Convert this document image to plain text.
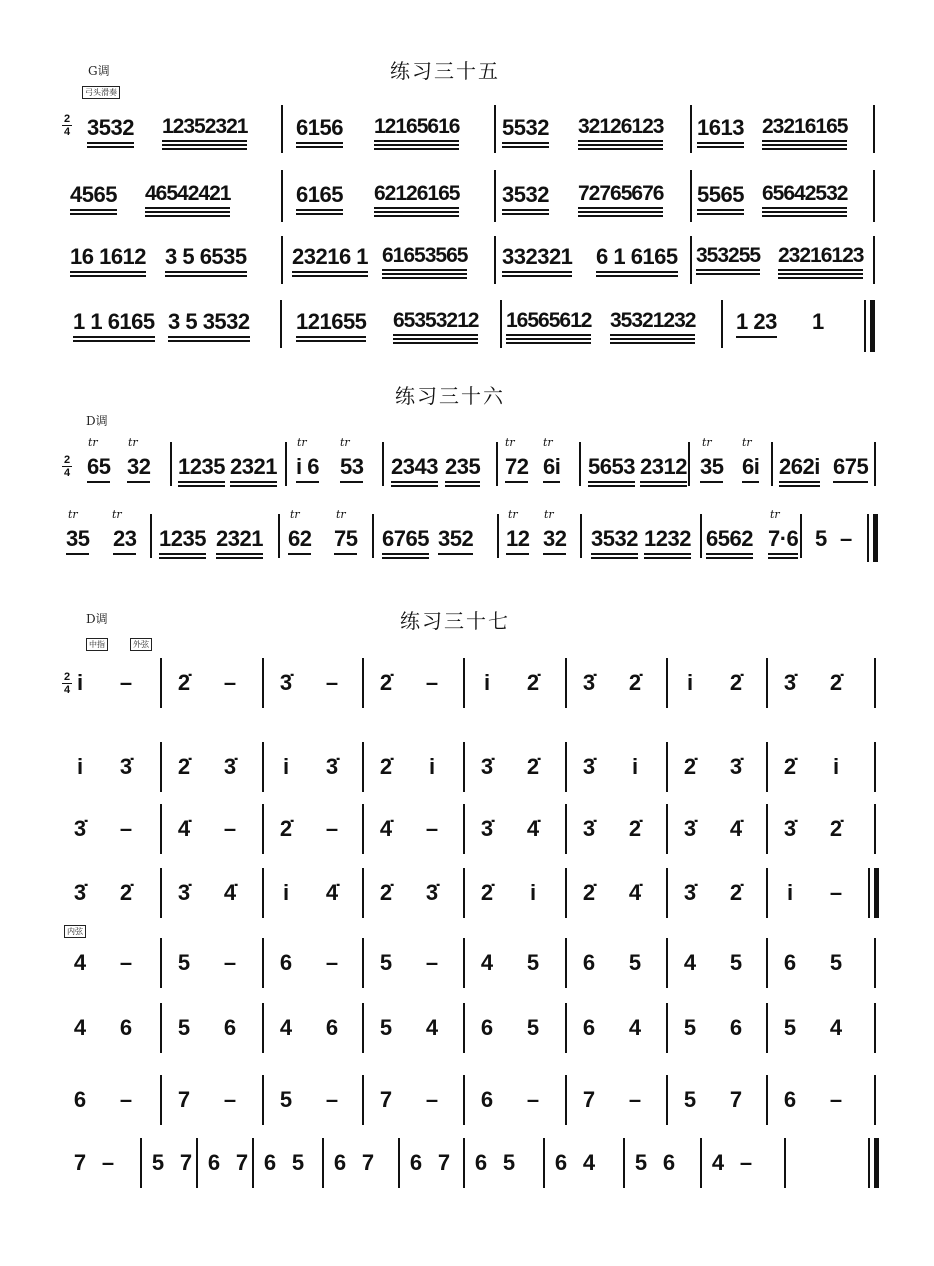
练习三十五
G调
弓头滑奏
2
4 3532 12352321 6156 12165616 5532 32126123 1613 23216165
4565 46542421	6165 62126165 3532 72765676 5565 65642532
16 1612 3 5 6535 23216 1 61653565 332321 6 1 6165 353255 23216123
1 1 6165 3 5 3532 121655 65353212 16565612 35321232 1 23 1
练习三十六
D调
2
4
tr	tr
65 32 1235 2321
tr	tr
i 6 53 2343 235
tr	tr
72 6i 5653 2312
tr	tr
35 6i 262i 675
tr	tr
35 23 1235 2321
tr	tr
62 75 6765 352
tr tr
12 32 3532 1232
tr
6562 7·6 5 –
练习三十七
D调
中指	外弦
内弦
2
4 i	– 2̇ – 3̇ – 2̇ –	i	2̇ 3̇ 2̇	i	2̇ 3̇ 2̇
i	3̇ 2̇ 3̇	i	3̇ 2̇	i	3̇ 2̇ 3̇	i	2̇ 3̇ 2̇	i
3̇ – 4̇ – 2̇ – 4̇ – 3̇ 4̇ 3̇ 2̇ 3̇ 4̇ 3̇ 2̇
3̇ 2̇ 3̇ 4̇	i	4̇ 2̇ 3̇ 2̇	i	2̇ 4̇ 3̇ 2̇	i	–
4 – 5 – 6 – 5 – 4 5 6 5 4 5 6 5
4 6 5 6 4 6 5 4 6 5 6 4 5 6 5 4
6 – 7 – 5 – 7 – 6 – 7 – 5 7 6 –
7 – 5 7 6 7 6 5 6 7 6 7 6 5 6 4 5 6 4 –
